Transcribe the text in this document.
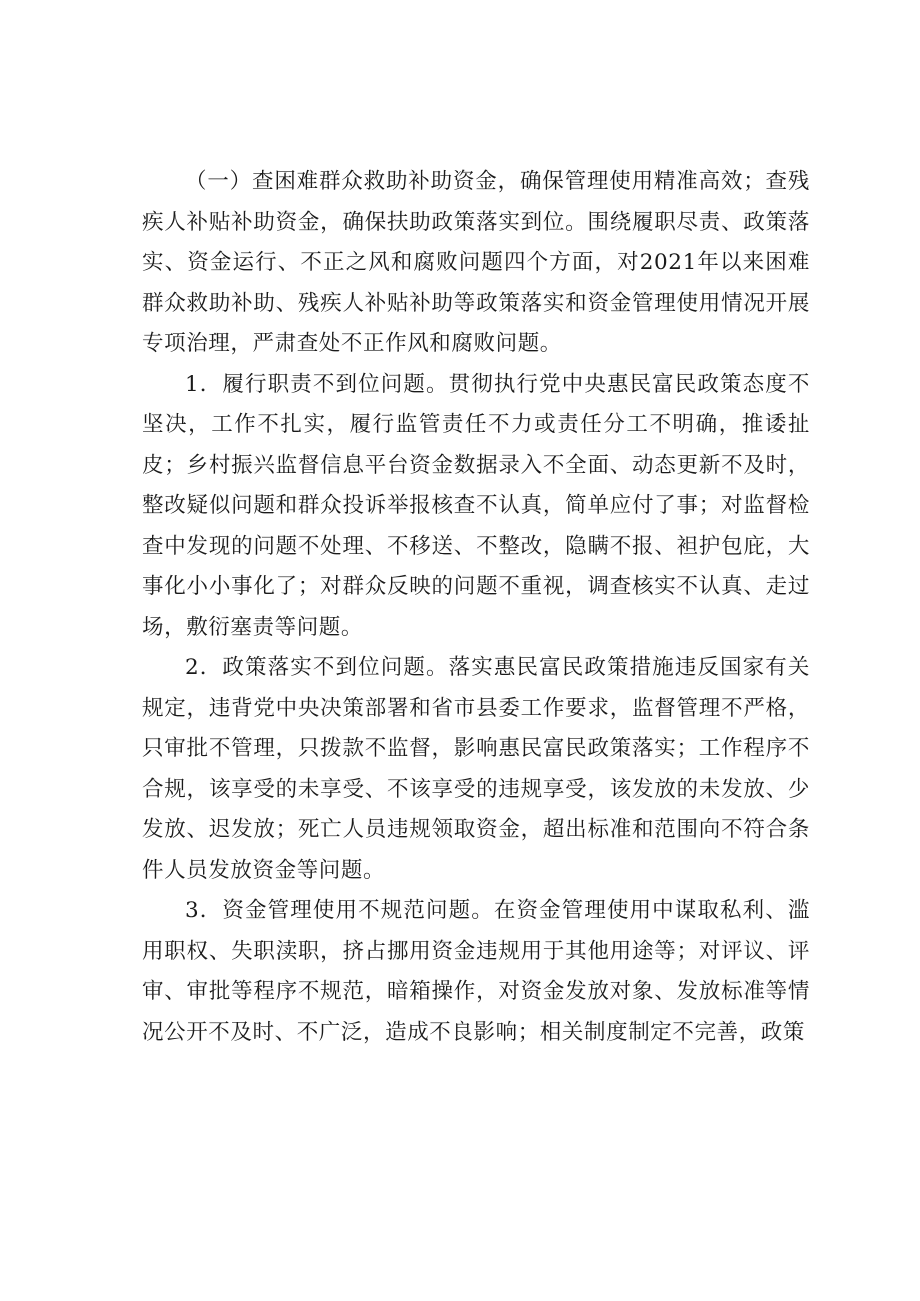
（一）查困难群众救助补助资金，确保管理使用精准高效；查残疾人补贴补助资金，确保扶助政策落实到位。围绕履职尽责、政策落实、资金运行、不正之风和腐败问题四个方面，对2021年以来困难群众救助补助、残疾人补贴补助等政策落实和资金管理使用情况开展专项治理，严肃查处不正作风和腐败问题。

1．履行职责不到位问题。贯彻执行党中央惠民富民政策态度不坚决，工作不扎实，履行监管责任不力或责任分工不明确，推诿扯皮；乡村振兴监督信息平台资金数据录入不全面、动态更新不及时，整改疑似问题和群众投诉举报核查不认真，简单应付了事；对监督检查中发现的问题不处理、不移送、不整改，隐瞒不报、袒护包庇，大事化小小事化了；对群众反映的问题不重视，调查核实不认真、走过场，敷衍塞责等问题。

2．政策落实不到位问题。落实惠民富民政策措施违反国家有关规定，违背党中央决策部署和省市县委工作要求，监督管理不严格，只审批不管理，只拨款不监督，影响惠民富民政策落实；工作程序不合规，该享受的未享受、不该享受的违规享受，该发放的未发放、少发放、迟发放；死亡人员违规领取资金，超出标准和范围向不符合条件人员发放资金等问题。

3．资金管理使用不规范问题。在资金管理使用中谋取私利、滥用职权、失职渎职，挤占挪用资金违规用于其他用途等；对评议、评审、审批等程序不规范，暗箱操作，对资金发放对象、发放标准等情况公开不及时、不广泛，造成不良影响；相关制度制定不完善，政策
